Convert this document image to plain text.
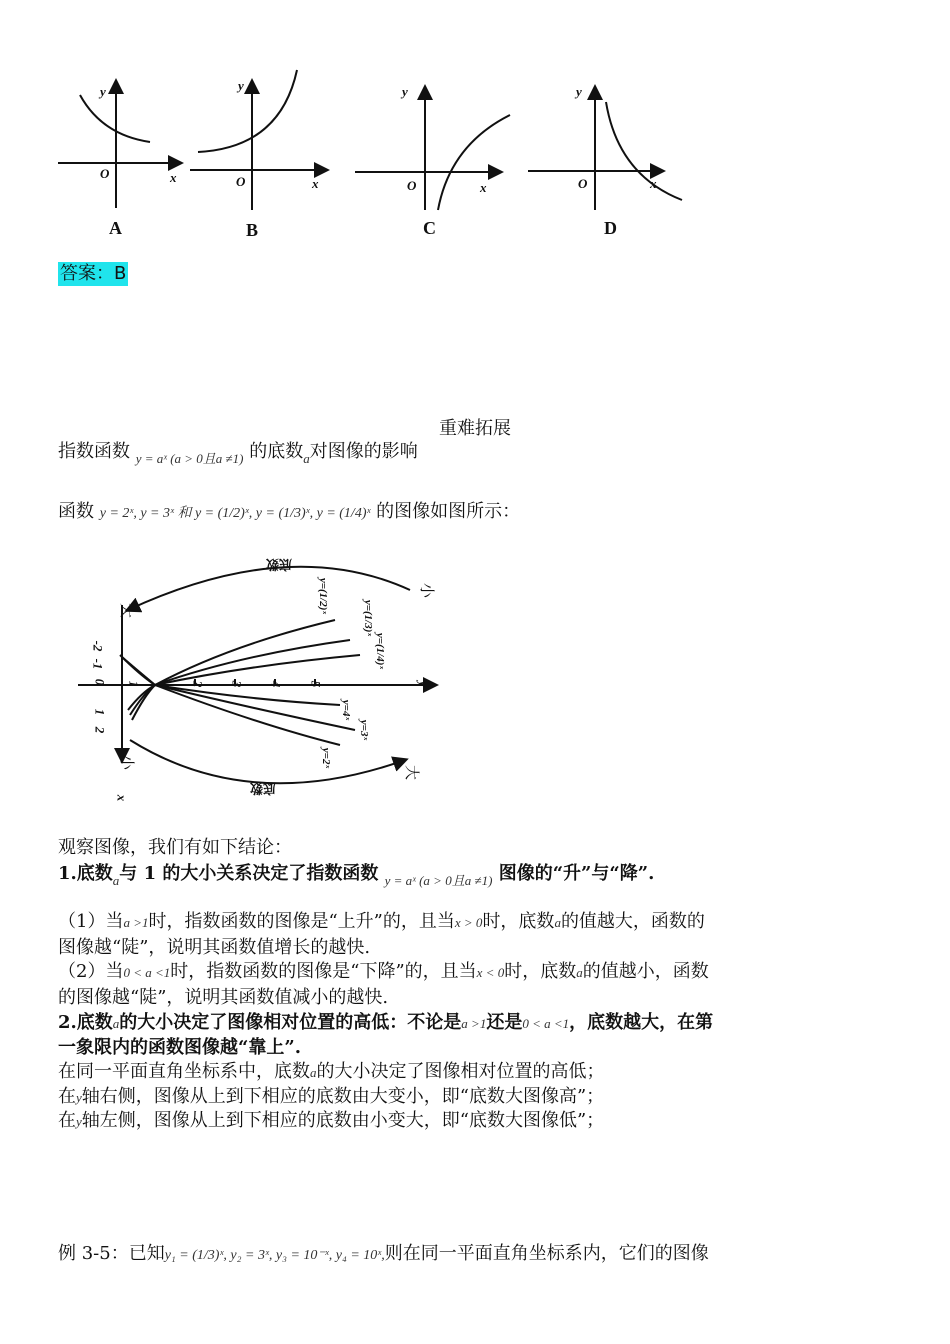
y
O	x
A
y
O	x
B
y
O	x
C
y
O	x
D
答案：B
重难拓展
指数函数 $_{y = aˣ (a > 0且a \ne 1)}$ 的底数$_a$对图像的影响
函数 y = 2ˣ, y = 3ˣ 和 y = (1/2)ˣ, y = (1/3)ˣ, y = (1/4)ˣ 的图像如图所示：
底数
底数
小
大
小
大
y
x
1	2 3 4 5
-2
-1
0
1
2
y=(1/2)ˣ
y=(1/3)ˣ
y=(1/4)ˣ
y=4ˣ
y=3ˣ
y=2ˣ
观察图像，我们有如下结论：
1.底数$_a$与 1 的大小关系决定了指数函数 $_{y = aˣ (a > 0且a \ne 1)}$ 图像的“升”与“降”.
（1）当a >1时，指数函数的图像是“上升”的，且当x > 0时，底数a的值越大，函数的
图像越“陡”，说明其函数值增长的越快.
（2）当0 < a <1时，指数函数的图像是“下降”的，且当x < 0时，底数a的值越小，函数
的图像越“陡”，说明其函数值减小的越快.
2.底数a的大小决定了图像相对位置的高低：不论是a >1还是0 < a <1，底数越大，在第
一象限内的函数图像越“靠上”.
在同一平面直角坐标系中，底数a的大小决定了图像相对位置的高低；
在y轴右侧，图像从上到下相应的底数由大变小，即“底数大图像高”；
在y轴左侧，图像从上到下相应的底数由小变大，即“底数大图像低”；
例 3-5：已知y₁ = (1/3)ˣ, y₂ = 3ˣ, y₃ = 10⁻ˣ, y₄ = 10ˣ,则在同一平面直角坐标系内，它们的图像
